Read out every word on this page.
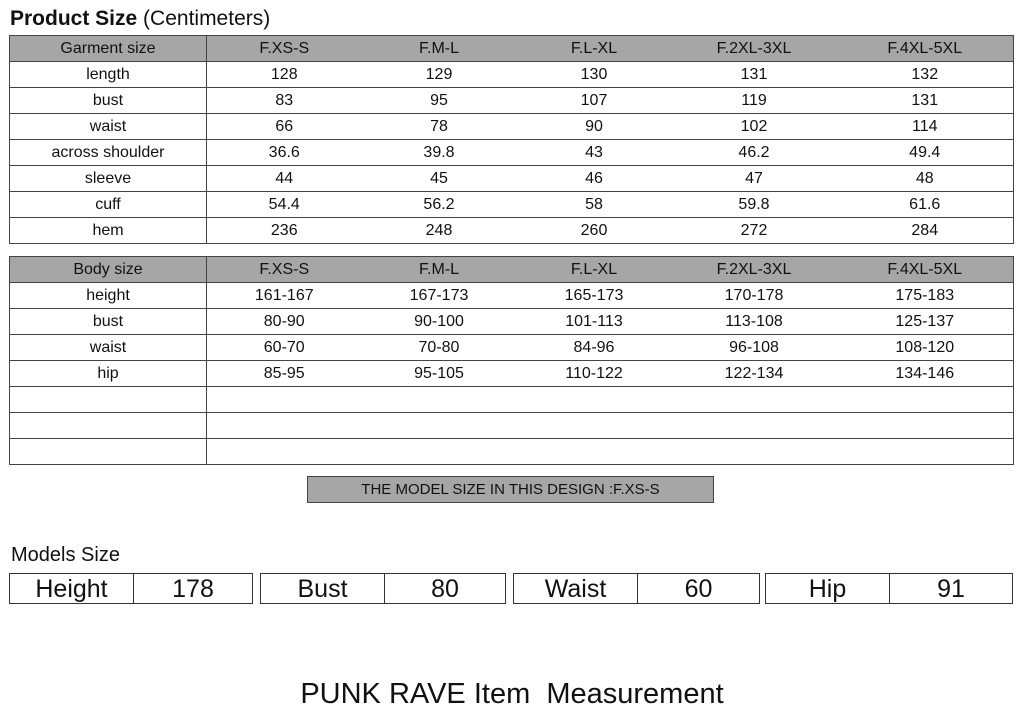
Product Size (Centimeters)
Garment size	F.XS-S	F.M-L	F.L-XL	F.2XL-3XL	F.4XL-5XL
length	128	129	130	131	132
bust	83	95	107	119	131
waist	66	78	90	102	114
across shoulder	36.6	39.8	43	46.2	49.4
sleeve	44	45	46	47	48
cuff	54.4	56.2	58	59.8	61.6
hem	236	248	260	272	284
Body size	F.XS-S	F.M-L	F.L-XL	F.2XL-3XL	F.4XL-5XL
height	161-167	167-173	165-173	170-178	175-183
bust	80-90	90-100	101-113	113-108	125-137
waist	60-70	70-80	84-96	96-108	108-120
hip	85-95	95-105	110-122	122-134	134-146

THE MODEL SIZE IN THIS DESIGN :F.XS-S
Models Size
Height	178	Bust	80	Waist	60	Hip	91
PUNK RAVE Item  Measurement
